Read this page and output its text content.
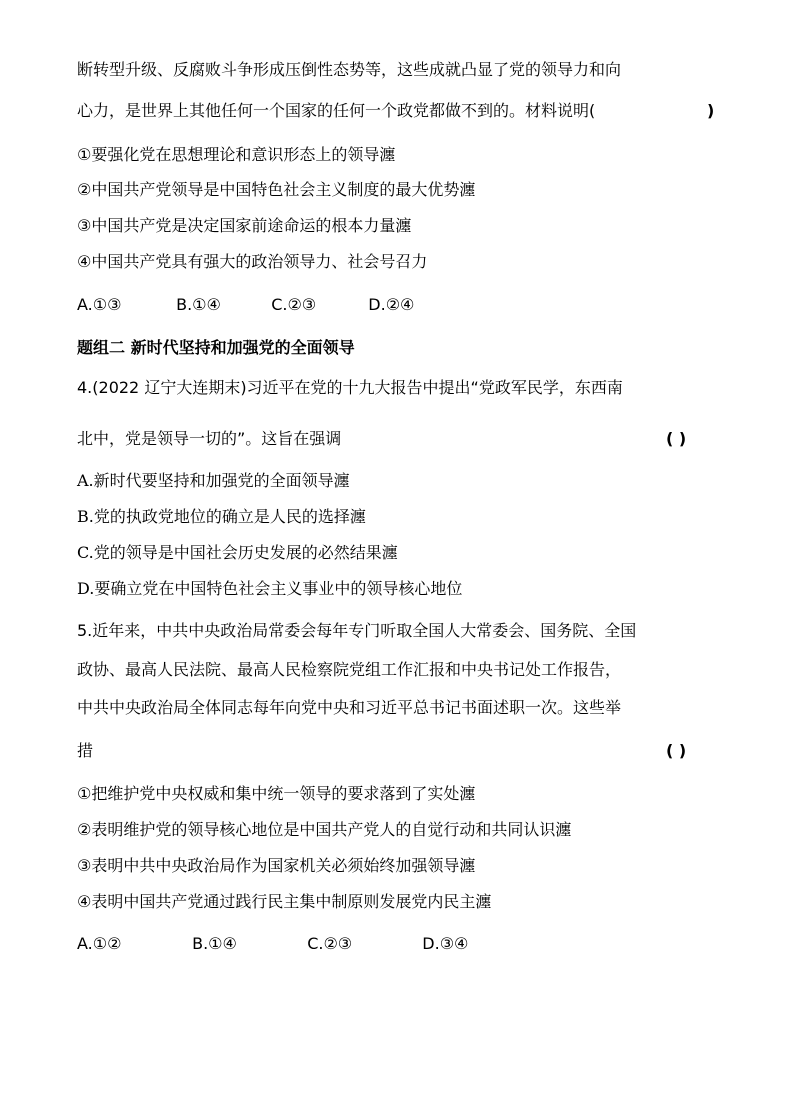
断转型升级、反腐败斗争形成压倒性态势等，这些成就凸显了党的领导力和向
心力，是世界上其他任何一个国家的任何一个政党都做不到的。材料说明(	)
①要强化党在思想理论和意识形态上的领导瀍
②中国共产党领导是中国特色社会主义制度的最大优势瀍
③中国共产党是决定国家前途命运的根本力量瀍
④中国共产党具有强大的政治领导力、社会号召力
A.①③	B.①④	C.②③	D.②④
题组二 新时代坚持和加强党的全面领导
4.(2022 辽宁大连期末)习近平在党的十九大报告中提出“党政军民学，东西南
北中，党是领导一切的”。这旨在强调	( )
A.新时代要坚持和加强党的全面领导瀍
B.党的执政党地位的确立是人民的选择瀍
C.党的领导是中国社会历史发展的必然结果瀍
D.要确立党在中国特色社会主义事业中的领导核心地位
5.近年来，中共中央政治局常委会每年专门听取全国人大常委会、国务院、全国
政协、最高人民法院、最高人民检察院党组工作汇报和中央书记处工作报告，
中共中央政治局全体同志每年向党中央和习近平总书记书面述职一次。这些举
措	( )
①把维护党中央权威和集中统一领导的要求落到了实处瀍
②表明维护党的领导核心地位是中国共产党人的自觉行动和共同认识瀍
③表明中共中央政治局作为国家机关必须始终加强领导瀍
④表明中国共产党通过践行民主集中制原则发展党内民主瀍
A.①②	B.①④	C.②③	D.③④
